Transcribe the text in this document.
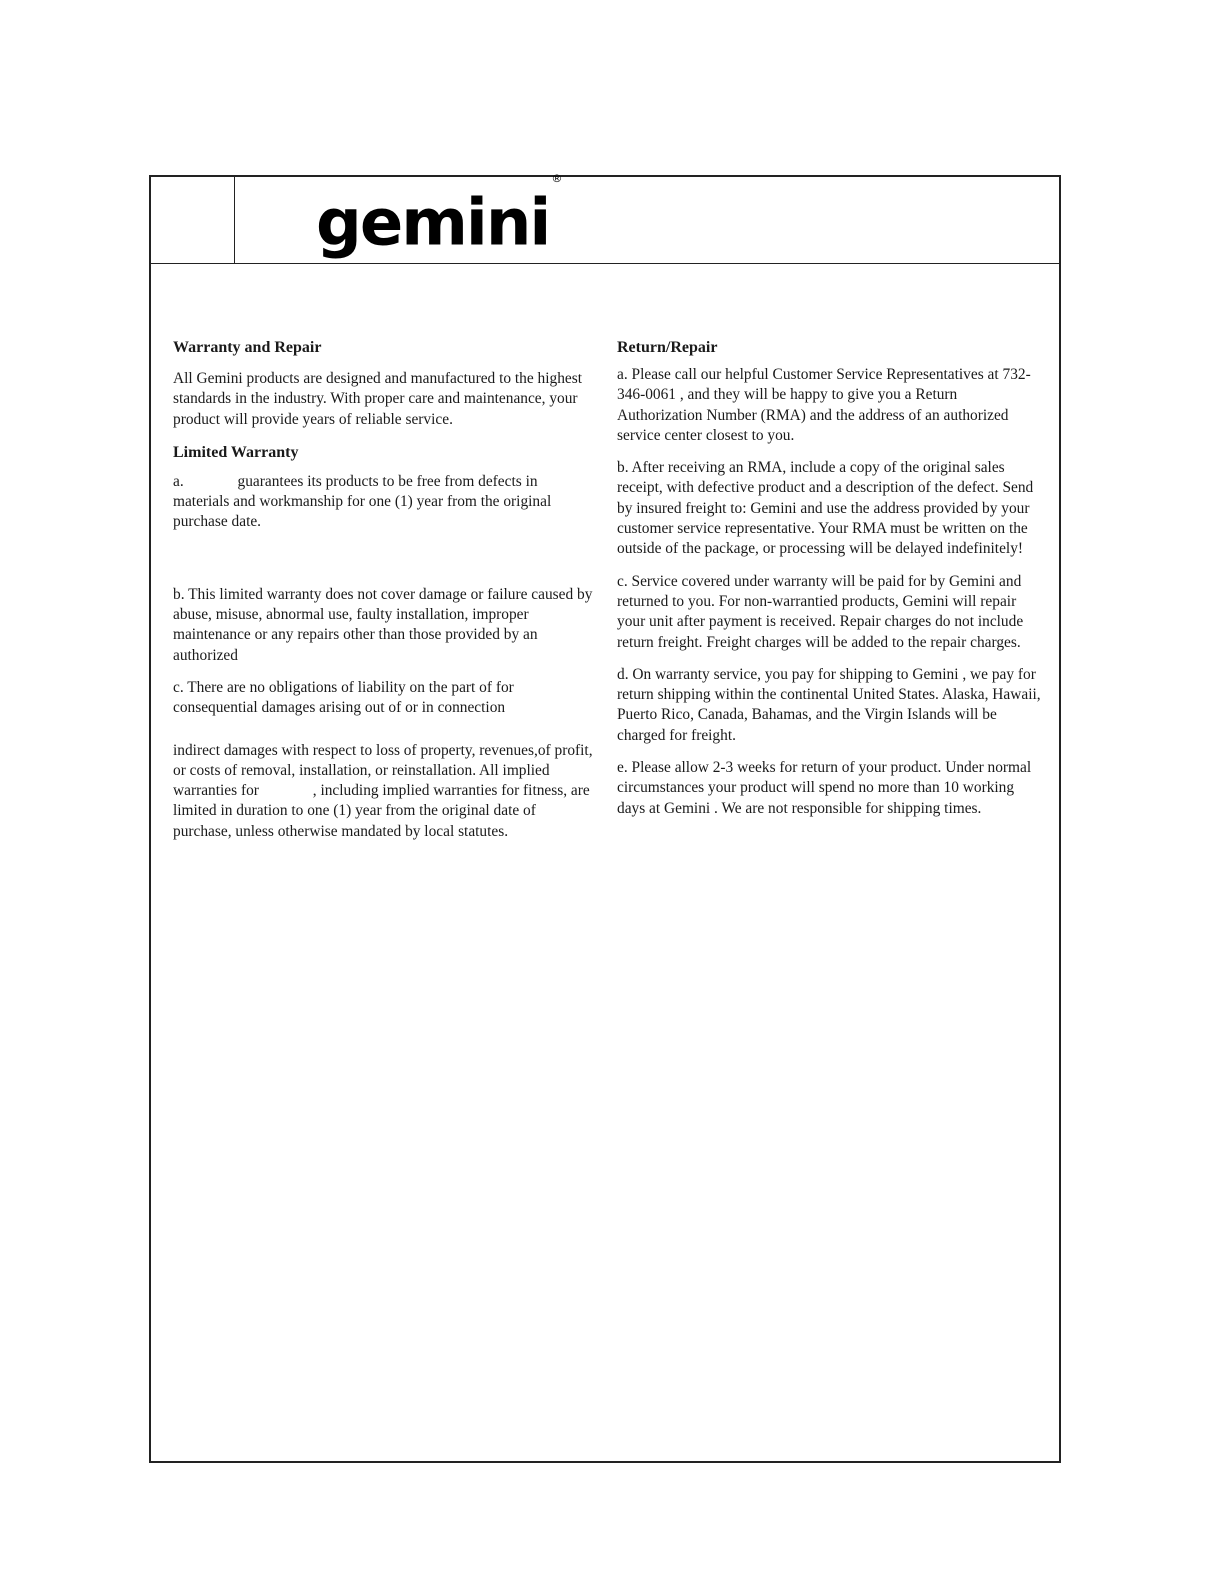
gemini®
Warranty and Repair

All Gemini products are designed and manufactured to the highest standards in the industry. With proper care and maintenance, your product will provide years of reliable service.

Limited Warranty

a.              guarantees its products to be free from defects in materials and workmanship for one (1) year from the original purchase date.

b. This limited warranty does not cover damage or failure caused by abuse, misuse, abnormal use, faulty installation, improper maintenance or any repairs other than those provided by an authorized

c. There are no obligations of liability on the part of for consequential damages arising out of or in connection

indirect damages with respect to loss of property, revenues,of profit, or costs of removal, installation, or reinstallation. All implied warranties for              , including implied warranties for fitness, are limited in duration to one (1) year from the original date of purchase, unless otherwise mandated by local statutes.

Return/Repair

a. Please call our helpful Customer Service Representatives at 732-346-0061 , and they will be happy to give you a Return Authorization Number (RMA) and the address of an authorized service center closest to you.

b. After receiving an RMA, include a copy of the original sales receipt, with defective product and a description of the defect. Send by insured freight to: Gemini and use the address provided by your customer service representative. Your RMA must be written on the outside of the package, or processing will be delayed indefinitely!

c. Service covered under warranty will be paid for by Gemini and returned to you. For non-warrantied products, Gemini will repair your unit after payment is received. Repair charges do not include return freight. Freight charges will be added to the repair charges.

d. On warranty service, you pay for shipping to Gemini , we pay for return shipping within the continental United States. Alaska, Hawaii, Puerto Rico, Canada, Bahamas, and the Virgin Islands will be charged for freight.

e. Please allow 2-3 weeks for return of your product. Under normal circumstances your product will spend no more than 10 working days at Gemini . We are not responsible for shipping times.
